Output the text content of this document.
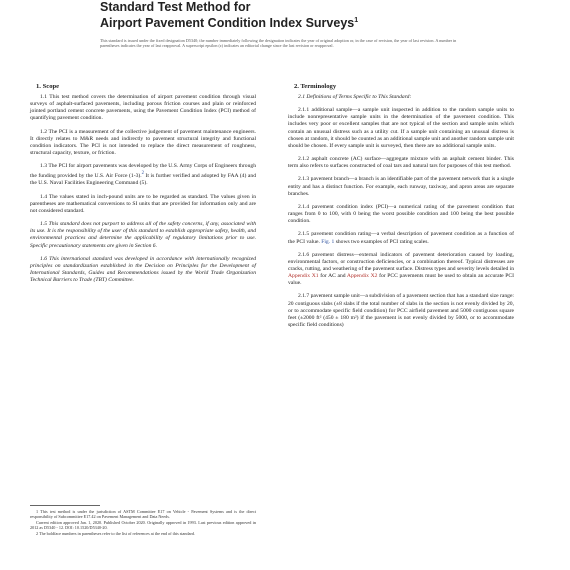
Standard Test Method for
Airport Pavement Condition Index Surveys$^1$
This standard is issued under the fixed designation D5340; the number immediately following the designation indicates the year of original adoption or, in the case of revision, the year of last revision. A number in parentheses indicates the year of last reapproval. A superscript epsilon (ε) indicates an editorial change since the last revision or reapproval.
1. Scope
1.1 This test method covers the determination of airport pavement condition through visual surveys of asphalt-surfaced pavements, including porous friction courses and plain or reinforced jointed portland cement concrete pavements, using the Pavement Condition Index (PCI) method of quantifying pavement condition.
1.2 The PCI is a measurement of the collective judgement of pavement maintenance engineers. It directly relates to M&R needs and indirectly to pavement structural integrity and functional condition indicators. The PCI is not intended to replace the direct measurement of roughness, structural capacity, texture, or friction.
1.3 The PCI for airport pavements was developed by the U.S. Army Corps of Engineers through the funding provided by the U.S. Air Force (1-3).$^2$ It is further verified and adopted by FAA (4) and the U.S. Naval Facilities Engineering Command (5).
1.4 The values stated in inch-pound units are to be regarded as standard. The values given in parentheses are mathematical conversions to SI units that are provided for information only and are not considered standard.
1.5 This standard does not purport to address all of the safety concerns, if any, associated with its use. It is the responsibility of the user of this standard to establish appropriate safety, health, and environmental practices and determine the applicability of regulatory limitations prior to use. Specific precautionary statements are given in Section 6.
1.6 This international standard was developed in accordance with internationally recognized principles on standardization established in the Decision on Principles for the Development of International Standards, Guides and Recommendations issued by the World Trade Organization Technical Barriers to Trade (TBT) Committee.

1 This test method is under the jurisdiction of ASTM Committee E17 on Vehicle - Pavement Systems and is the direct responsibility of Subcommittee E17.42 on Pavement Management and Data Needs.

Current edition approved Jan. 1, 2020. Published October 2020. Originally approved in 1993. Last previous edition approved in 2012 as D5340 - 12. DOI: 10.1520/D5340-20.

2 The boldface numbers in parentheses refer to the list of references at the end of this standard.

2. Terminology
2.1 Definitions of Terms Specific to This Standard:
2.1.1 additional sample—a sample unit inspected in addition to the random sample units to include nonrepresentative sample units in the determination of the pavement condition. This includes very poor or excellent samples that are not typical of the section and sample units which contain an unusual distress such as a utility cut. If a sample unit containing an unusual distress is chosen at random, it should be counted as an additional sample unit and another random sample unit should be chosen. If every sample unit is surveyed, then there are no additional sample units.
2.1.2 asphalt concrete (AC) surface—aggregate mixture with an asphalt cement binder. This term also refers to surfaces constructed of coal tars and natural tars for purposes of this test method.
2.1.3 pavement branch—a branch is an identifiable part of the pavement network that is a single entity and has a distinct function. For example, each runway, taxiway, and apron areas are separate branches.
2.1.4 pavement condition index (PCI)—a numerical rating of the pavement condition that ranges from 0 to 100, with 0 being the worst possible condition and 100 being the best possible condition.
2.1.5 pavement condition rating—a verbal description of pavement condition as a function of the PCI value. Fig. 1 shows two examples of PCI rating scales.
2.1.6 pavement distress—external indicators of pavement deterioration caused by loading, environmental factors, or construction deficiencies, or a combination thereof. Typical distresses are cracks, rutting, and weathering of the pavement surface. Distress types and severity levels detailed in Appendix X1 for AC and Appendix X2 for PCC pavements must be used to obtain an accurate PCI value.
2.1.7 pavement sample unit—a subdivision of a pavement section that has a standard size range: 20 contiguous slabs (±8 slabs if the total number of slabs in the section is not evenly divided by 20, or to accommodate specific field condition) for PCC airfield pavement and 5000 contiguous square feet (±2000 ft² (450 ± 180 m²) if the pavement is not evenly divided by 5000, or to accommodate specific field conditions)
